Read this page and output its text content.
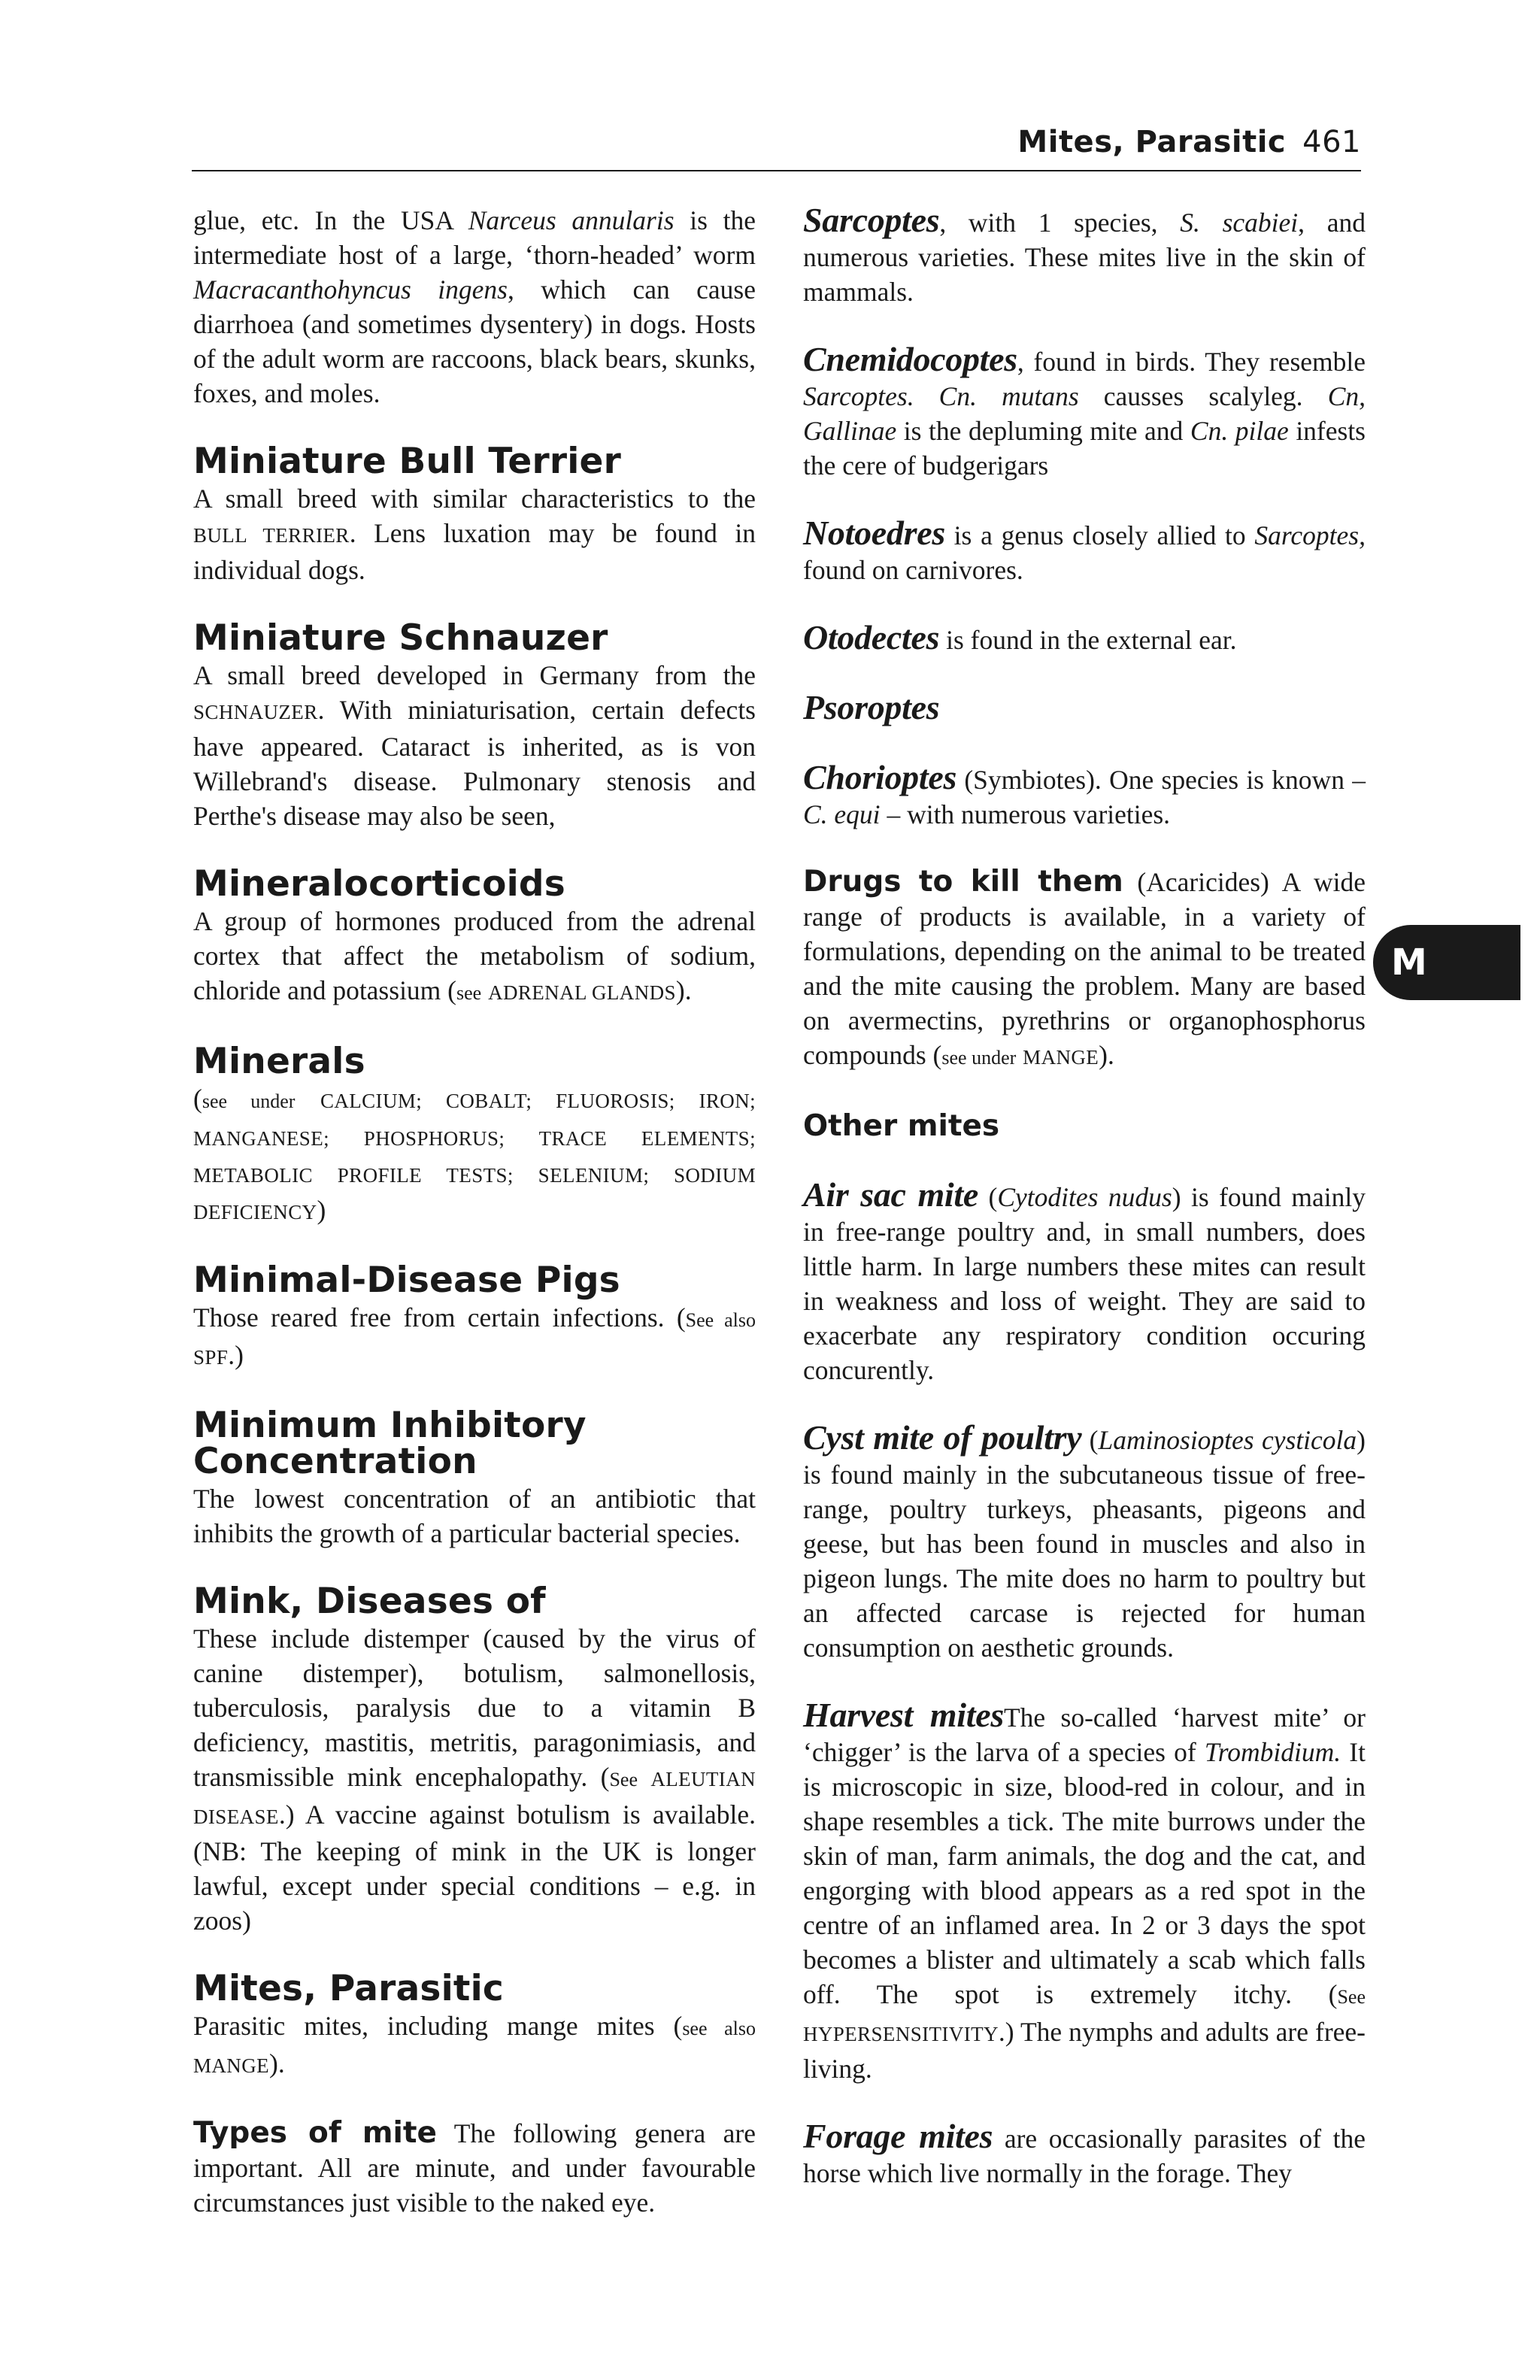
Mites, Parasitic 461

glue, etc. In the USA Narceus annularis is the intermediate host of a large, ‘thorn-headed’ worm Macracanthohyncus ingens, which can cause diarrhoea (and sometimes dysentery) in dogs. Hosts of the adult worm are raccoons, black bears, skunks, foxes, and moles.

Miniature Bull Terrier

A small breed with similar characteristics to the BULL TERRIER. Lens luxation may be found in individual dogs.

Miniature Schnauzer

A small breed developed in Germany from the SCHNAUZER. With miniaturisation, certain defects have appeared. Cataract is inherited, as is von Willebrand's disease. Pulmonary stenosis and Perthe's disease may also be seen,

Mineralocorticoids

A group of hormones produced from the adrenal cortex that affect the metabolism of sodium, chloride and potassium (see ADRENAL GLANDS).

Minerals

(see under CALCIUM; COBALT; FLUOROSIS; IRON; MANGANESE; PHOSPHORUS; TRACE ELEMENTS; METABOLIC PROFILE TESTS; SELENIUM; SODIUM DEFICIENCY)

Minimal-Disease Pigs

Those reared free from certain infections. (See also SPF.)

Minimum Inhibitory
Concentration

The lowest concentration of an antibiotic that inhibits the growth of a particular bacterial species.

Mink, Diseases of

These include distemper (caused by the virus of canine distemper), botulism, salmonellosis, tuberculosis, paralysis due to a vitamin B deficiency, mastitis, metritis, paragonimiasis, and transmissible mink encephalopathy. (See ALEUTIAN DISEASE.) A vaccine against botulism is available. (NB: The keeping of mink in the UK is longer lawful, except under special conditions – e.g. in zoos)

Mites, Parasitic

Parasitic mites, including mange mites (see also MANGE).

Types of mite The following genera are important. All are minute, and under favourable circumstances just visible to the naked eye.

Sarcoptes, with 1 species, S. scabiei, and numerous varieties. These mites live in the skin of mammals.

Cnemidocoptes, found in birds. They resemble Sarcoptes. Cn. mutans causses scalyleg. Cn, Gallinae is the depluming mite and Cn. pilae infests the cere of budgerigars

Notoedres is a genus closely allied to Sarcoptes, found on carnivores.

Otodectes is found in the external ear.

Psoroptes

Chorioptes (Symbiotes). One species is known – C. equi – with numerous varieties.

Drugs to kill them (Acaricides) A wide range of products is available, in a variety of formulations, depending on the animal to be treated and the mite causing the problem. Many are based on avermectins, pyrethrins or organophosphorus compounds (see under MANGE).

Other mites

Air sac mite (Cytodites nudus) is found mainly in free-range poultry and, in small numbers, does little harm. In large numbers these mites can result in weakness and loss of weight. They are said to exacerbate any respiratory condition occuring concurently.

Cyst mite of poultry (Laminosioptes cysticola) is found mainly in the subcutaneous tissue of free-range, poultry turkeys, pheasants, pigeons and geese, but has been found in muscles and also in pigeon lungs. The mite does no harm to poultry but an affected carcase is rejected for human consumption on aesthetic grounds.

Harvest mitesThe so-called ‘harvest mite’ or ‘chigger’ is the larva of a species of Trombidium. It is microscopic in size, blood-red in colour, and in shape resembles a tick. The mite burrows under the skin of man, farm animals, the dog and the cat, and engorging with blood appears as a red spot in the centre of an inflamed area. In 2 or 3 days the spot becomes a blister and ultimately a scab which falls off. The spot is extremely itchy. (See HYPERSENSITIVITY.) The nymphs and adults are free-living.

Forage mites are occasionally parasites of the horse which live normally in the forage. They

M
